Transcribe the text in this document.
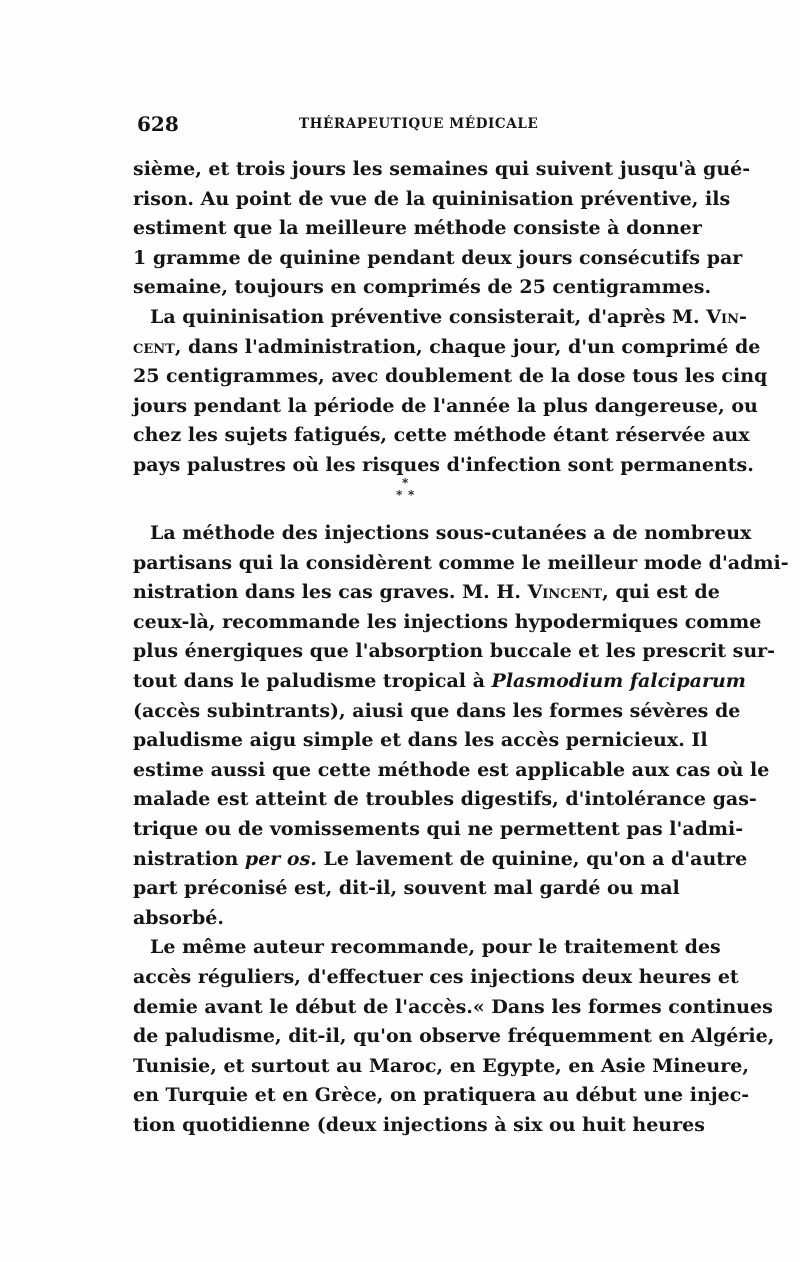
628	THÉRAPEUTIQUE MÉDICALE
sième, et trois jours les semaines qui suivent jusqu'à gué-
rison. Au point de vue de la quininisation préventive, ils
estiment que la meilleure méthode consiste à donner
1 gramme de quinine pendant deux jours consécutifs par
semaine, toujours en comprimés de 25 centigrammes.
La quininisation préventive consisterait, d'après M. Vin-
cent, dans l'administration, chaque jour, d'un comprimé de
25 centigrammes, avec doublement de la dose tous les cinq
jours pendant la période de l'année la plus dangereuse, ou
chez les sujets fatigués, cette méthode étant réservée aux
pays palustres où les risques d'infection sont permanents.
*
* *
La méthode des injections sous-cutanées a de nombreux
partisans qui la considèrent comme le meilleur mode d'admi-
nistration dans les cas graves. M. H. Vincent, qui est de
ceux-là, recommande les injections hypodermiques comme
plus énergiques que l'absorption buccale et les prescrit sur-
tout dans le paludisme tropical à Plasmodium falciparum
(accès subintrants), aiusi que dans les formes sévères de
paludisme aigu simple et dans les accès pernicieux. Il
estime aussi que cette méthode est applicable aux cas où le
malade est atteint de troubles digestifs, d'intolérance gas-
trique ou de vomissements qui ne permettent pas l'admi-
nistration per os. Le lavement de quinine, qu'on a d'autre
part préconisé est, dit-il, souvent mal gardé ou mal
absorbé.
Le même auteur recommande, pour le traitement des
accès réguliers, d'effectuer ces injections deux heures et
demie avant le début de l'accès.« Dans les formes continues
de paludisme, dit-il, qu'on observe fréquemment en Algérie,
Tunisie, et surtout au Maroc, en Egypte, en Asie Mineure,
en Turquie et en Grèce, on pratiquera au début une injec-
tion quotidienne (deux injections à six ou huit heures
